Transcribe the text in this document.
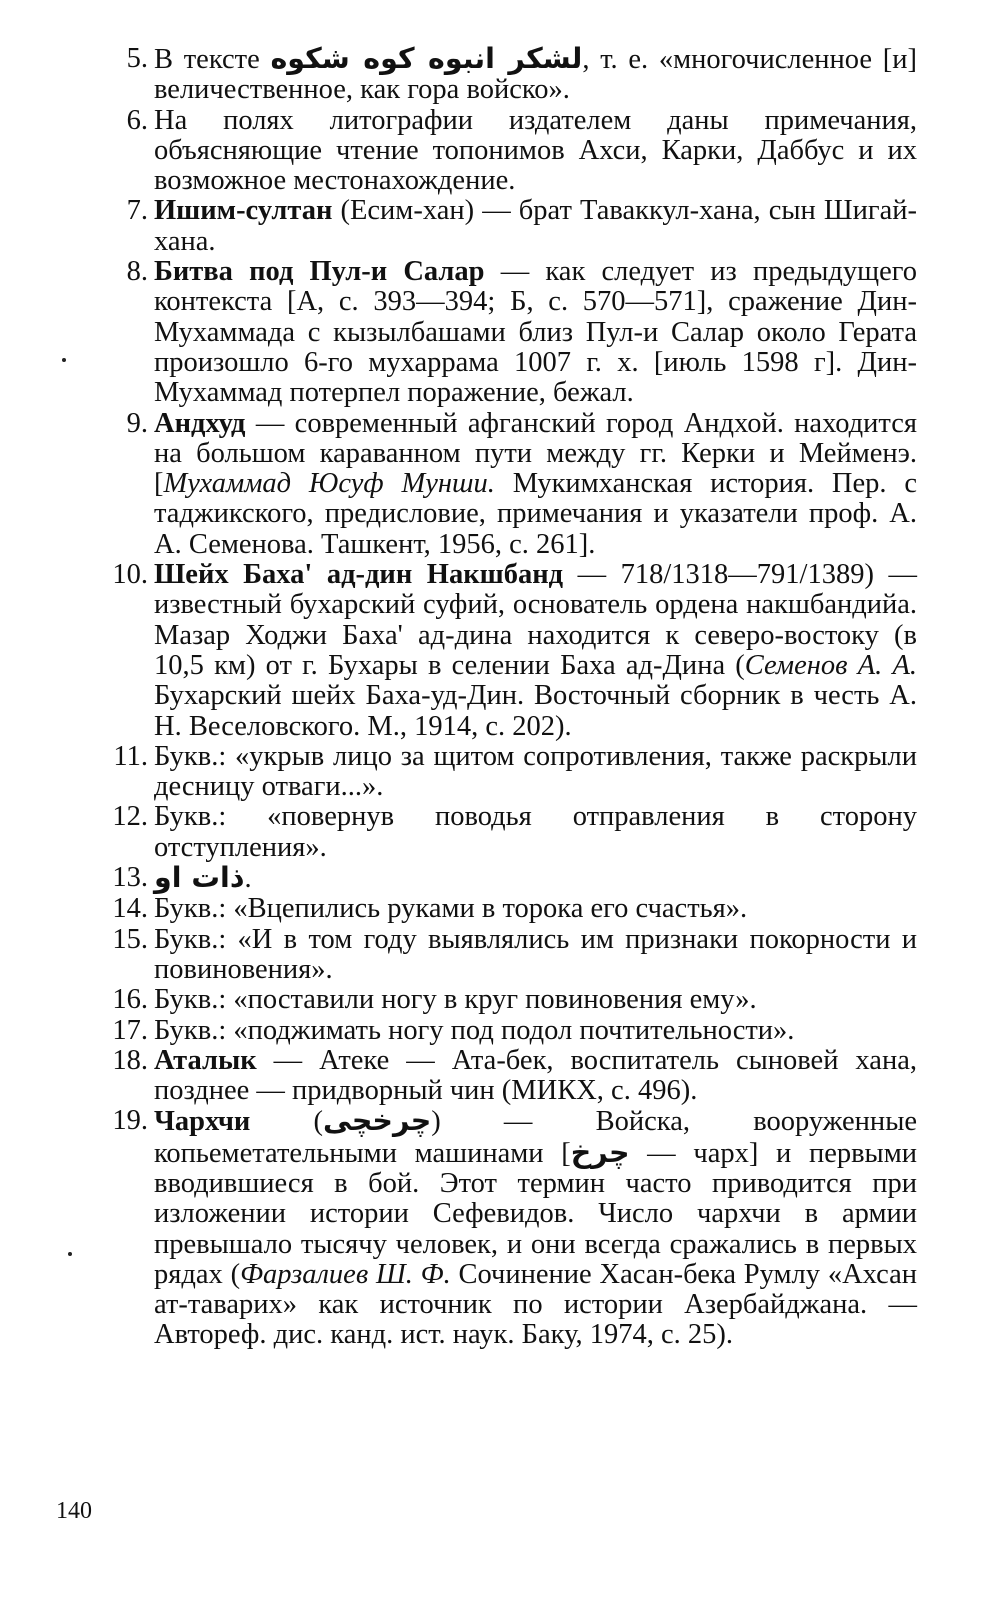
5. В тексте لشکر انبوه کوه شکوه, т. е. «многочисленное [и] величественное, как гора войско».
6. На полях литографии издателем даны примечания, объясняющие чтение топонимов Ахси, Карки, Даббус и их возможное местонахождение.
7. Ишим-султан (Есим-хан) — брат Таваккул-хана, сын Шигай-хана.
8. Битва под Пул-и Салар — как следует из предыдущего контекста [А, с. 393—394; Б, с. 570—571], сражение Дин-Мухаммада с кызылбашами близ Пул-и Салар около Герата произошло 6-го мухаррама 1007 г. х. [июль 1598 г]. Дин-Мухаммад потерпел поражение, бежал.
9. Андхуд — современный афганский город Андхой. находится на большом караванном пути между гг. Керки и Мейменэ. [Мухаммад Юсуф Мунши. Мукимханская история. Пер. с таджикского, предисловие, примечания и указатели проф. А. А. Семенова. Ташкент, 1956, с. 261].
10. Шейх Баха' ад-дин Накшбанд — 718/1318—791/1389) — известный бухарский суфий, основатель ордена накшбандийа. Мазар Ходжи Баха' ад-дина находится к северо-востоку (в 10,5 км) от г. Бухары в селении Баха ад-Дина (Семенов А. А. Бухарский шейх Баха-уд-Дин. Восточный сборник в честь А. Н. Веселовского. М., 1914, с. 202).
11. Букв.: «укрыв лицо за щитом сопротивления, также раскрыли десницу отваги...».
12. Букв.: «повернув поводья отправления в сторону отступления».
13. ذات او.
14. Букв.: «Вцепились руками в торока его счастья».
15. Букв.: «И в том году выявлялись им признаки покорности и повиновения».
16. Букв.: «поставили ногу в круг повиновения ему».
17. Букв.: «поджимать ногу под подол почтительности».
18. Аталык — Атеке — Ата-бек, воспитатель сыновей хана, позднее — придворный чин (МИКХ, с. 496).
19. Чархчи (چرخچی) — Войска, вооруженные копьеметательными машинами [چرخ — чарх] и первыми вводившиеся в бой. Этот термин часто приводится при изложении истории Сефевидов. Число чархчи в армии превышало тысячу человек, и они всегда сражались в первых рядах (Фарзалиев Ш. Ф. Сочинение Хасан-бека Румлу «Ахсан ат-таварих» как источник по истории Азербайджана. — Автореф. дис. канд. ист. наук. Баку, 1974, с. 25).
140
